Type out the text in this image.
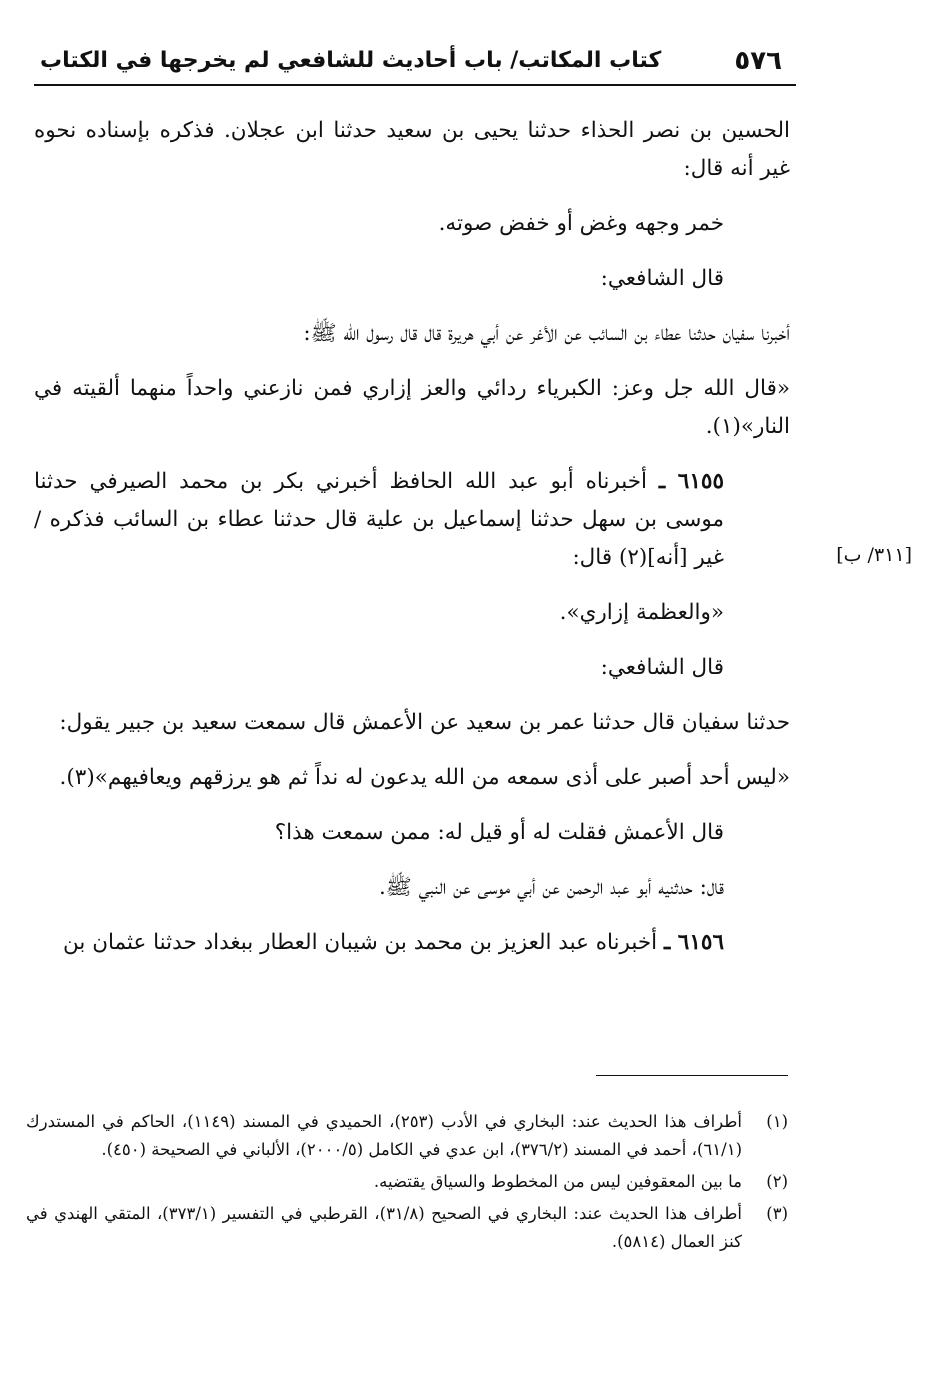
٥٧٦
كتاب المكاتب/ باب أحاديث للشافعي لم يخرجها في الكتاب

الحسين بن نصر الحذاء حدثنا يحيى بن سعيد حدثنا ابن عجلان. فذكره بإسناده نحوه غير أنه قال:

خمر وجهه وغض أو خفض صوته.

قال الشافعي:

أخبرنا سفيان حدثنا عطاء بن السائب عن الأغر عن أبي هريرة قال قال رسول الله ﷺ:

«قال الله جل وعز: الكبرياء ردائي والعز إزاري فمن نازعني واحداً منهما ألقيته في النار»(١).

٦١٥٥ ـ أخبرناه أبو عبد الله الحافظ أخبرني بكر بن محمد الصيرفي حدثنا موسى بن سهل حدثنا إسماعيل بن علية قال حدثنا عطاء بن السائب فذكره /غير [أنه](٢) قال:

«والعظمة إزاري».

قال الشافعي:

حدثنا سفيان قال حدثنا عمر بن سعيد عن الأعمش قال سمعت سعيد بن جبير يقول:

«ليس أحد أصبر على أذى سمعه من الله يدعون له نداً ثم هو يرزقهم ويعافيهم»(٣).

قال الأعمش فقلت له أو قيل له: ممن سمعت هذا؟

قال: حدثنيه أبو عبد الرحمن عن أبي موسى عن النبي ﷺ.

٦١٥٦ ـ أخبرناه عبد العزيز بن محمد بن شيبان العطار ببغداد حدثنا عثمان بن

[٣١١/ ب]
(١)
أطراف هذا الحديث عند: البخاري في الأدب (٢٥٣)، الحميدي في المسند (١١٤٩)، الحاكم في المستدرك (٦١/١)، أحمد في المسند (٣٧٦/٢)، ابن عدي في الكامل (٢٠٠٠/٥)، الألباني في الصحيحة (٤٥٠).
(٢)
ما بين المعقوفين ليس من المخطوط والسياق يقتضيه.
(٣)
أطراف هذا الحديث عند: البخاري في الصحيح (٣١/٨)، القرطبي في التفسير (٣٧٣/١)، المتقي الهندي في كنز العمال (٥٨١٤).
